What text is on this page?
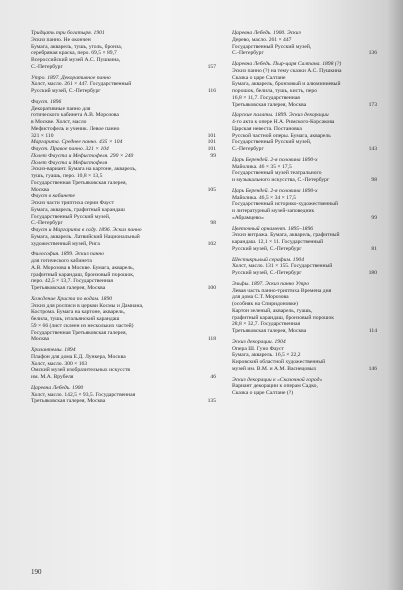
Тридцать три богатыря. 1901
Эскиз панно. Не окончен
Бумага, акварель, тушь, уголь, бронза,
серебряная краска, перо. 69,5 × 89,7
Всероссийский музей А.С. Пушкина,
С.-Петербург	157
Утро. 1897. Декоративное панно
Холст, масло. 261 × 447. Государственный
Русский музей, С.-Петербург	116
Фауст. 1896
Декоративные панно для
готического кабинета А.В. Морозова
в Москве. Холст, масло
Мефистофель и ученик. Левое панно
321 × 110	101
Маргарита. Среднее панно. 435 × 104	101
Фауст. Правое панно. 321 × 104	101
Полет Фауста и Мефистофеля. 290 × 240	99
Полет Фауста и Мефистофеля
Эскиз-вариант. Бумага на картоне, акварель,
тушь, гуашь, перо. 10,8 × 13,5
Государственная Третьяковская галерея,
Москва	105
Фауст в кабинете
Эскиз части триптиха серии Фауст
Бумага, акварель, графитный карандаш
Государственный Русский музей,
С.-Петербург	98
Фауст и Маргарита в саду. 1896. Эскиз панно
Бумага, акварель. Латвийский Национальный
художественный музей, Рига	102
Философия. 1899. Эскиз панно
для готического кабинета
А.В. Морозова в Москве. Бумага, акварель,
графитный карандаш, бронзовый порошок,
перо. 42,5 × 13,7. Государственная
Третьяковская галерея, Москва	100
Хождение Христа по водам. 1890
Эскиз для росписи в церкви Космы и Дамиана,
Кострома. Бумага на картоне, акварель,
белила, тушь, итальянский карандаш
59 × 66 (лист склеен из нескольких частей)
Государственная Третьяковская галерея,
Москва	118
Хризантемы. 1894
Плафон для дома Е.Д. Лункера, Москва
Холст, масло. 300 × 163
Омский музей изобразительных искусств
им. М.А. Врубеля	46
Царевна Лебедь. 1900
Холст, масло. 142,5 × 93,5. Государственная
Третьяковская галерея, Москва	135
Царевна Лебедь. 1900. Эскиз
Дерево, масло. 261 × 447
Государственный Русский музей,
С.-Петербург	136
Царевна Лебедь. Пыр-царя Салтана. 1898 (?)
Эскиз панно (?) на тему сказки А.С. Пушкина
Сказка о царе Салтане
Бумага, акварель, бронзовый и алюминиевый
порошок, белила, тушь, кисть, перо
16,8 × 11,7. Государственная
Третьяковская галерея, Москва	173
Царские палаты. 1899. Эскиз декорации
4-го акта к опере Н.А. Римского-Корсакова
Царская невеста. Постановка
Русской частной оперы. Бумага, акварель
Государственный Русский музей,
С.-Петербург	143
Царь Берендей. 2-я половина 1890-х
Майолика. 46 × 35 × 17,5
Государственный музей театрального
и музыкального искусства, С.-Петербург	98
Царь Берендей. 2-я половина 1890-х
Майолика. 46,5 × 34 × 17,5
Государственный историко-художественный
и литературный музей-заповедник
«Абрамцево»	99
Цветочный орнамент. 1895–1896
Эскиз витража. Бумага, акварель, графитный
карандаш. 12,1 × 11. Государственный
Русский музей, С.-Петербург	81
Шестикрылый серафим. 1904
Холст, масло. 131 × 155. Государственный
Русский музей, С.-Петербург	180
Эльфы. 1897. Эскиз панно Утро
Левая часть панно-триптиха Времена дня
для дома С.Т. Морозова
(особняк на Спиридоновке)
Картон зеленый, акварель, гуашь,
графитный карандаш, бронзовый порошок
28,8 × 32,7. Государственная
Третьяковская галерея, Москва	114
Эскиз декорации. 1904
Опера Ш. Гуно Фауст
Бумага, акварель. 16,5 × 22,2
Кировский областной художественный
музей им. В.М. и А.М. Васнецовых	146
Эскиз декорации к «Сказочной город»
Вариант декорации к операм Садко,
Сказка о царе Салтане (?)
190
